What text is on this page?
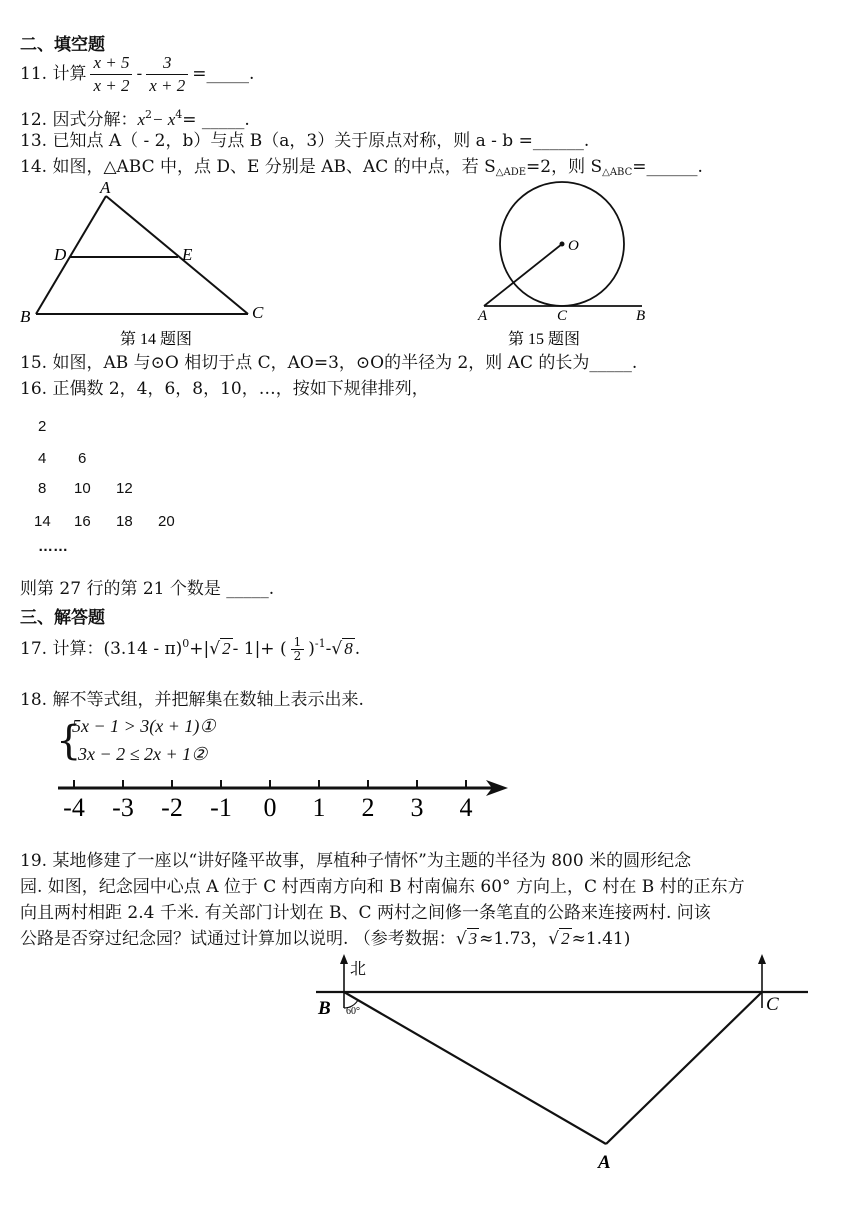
二、填空题
11. 计算 $\frac{x + 5}{x + 2} - \frac{3}{x + 2}$ =_____.
12. 因式分解：$x^2- x^4=$ _____.
13. 已知点 A（ - 2，b）与点 B（a，3）关于原点对称，则 a - b =______.
14. 如图，△ABC 中，点 D、E 分别是 AB、AC 的中点，若 $S_{\triangle ADE}=2$，则 $S_{\triangle ABC}=\_\_\_\_\_\_$.
A
D	E
B	C
第 14 题图
O
A	C	B
第 15 题图
15. 如图，AB 与⊙O 相切于点 C，AO=3，⊙O的半径为 2，则 AC 的长为_____.
16. 正偶数 2，4，6，8，10，…，按如下规律排列，
2
4 6
8 10 12
14 16 18 20
……
则第 27 行的第 21 个数是 _____.
三、解答题
17. 计算：(3.14 - π)$^0$+|√ 2 - 1|+ ( $\frac{1}{2} )^{-1}-√$ 8 .
18. 解不等式组，并把解集在数轴上表示出来.
{
5x − 1 > 3(x + 1)①
3x − 2 ≤ 2x + 1②
-4 -3 -2 -1 0 1 2 3 4
19. 某地修建了一座以“讲好隆平故事，厚植种子情怀”为主题的半径为 800 米的圆形纪念
园. 如图，纪念园中心点 A 位于 C 村西南方向和 B 村南偏东 60° 方向上，C 村在 B 村的正东方
向且两村相距 2.4 千米. 有关部门计划在 B、C 两村之间修一条笔直的公路来连接两村. 问该
公路是否穿过纪念园？试通过计算加以说明. （参考数据：√ 3 ≈1.73，√ 2 ≈1.41)
北
B 60°	C
A
